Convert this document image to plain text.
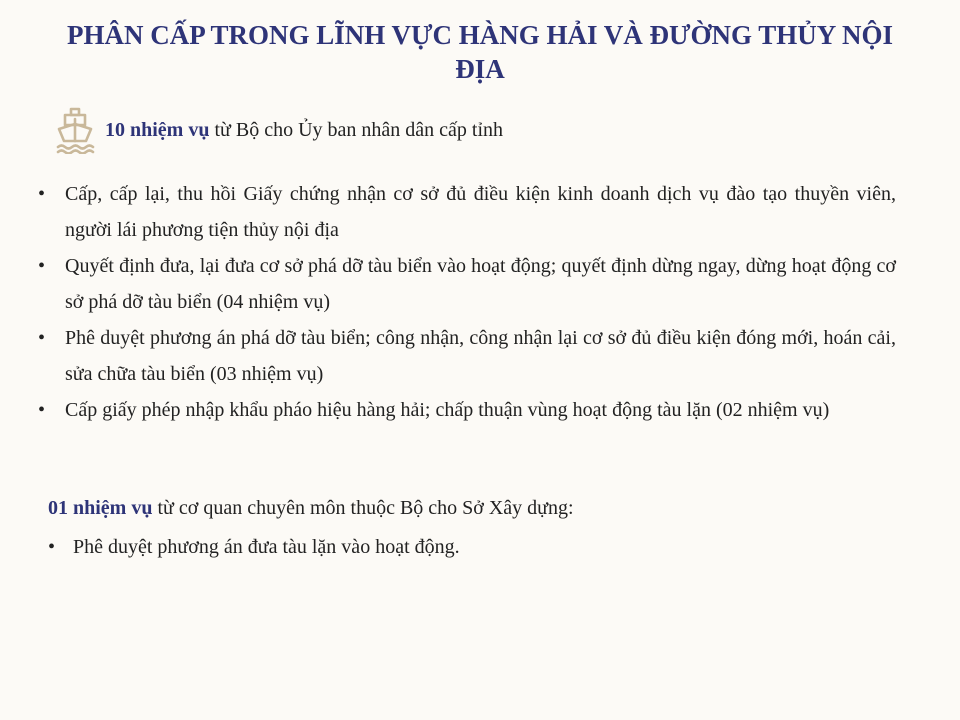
PHÂN CẤP TRONG LĨNH VỰC HÀNG HẢI VÀ ĐƯỜNG THỦY NỘI ĐỊA
10 nhiệm vụ từ Bộ cho Ủy ban nhân dân cấp tỉnh
• Cấp, cấp lại, thu hồi Giấy chứng nhận cơ sở đủ điều kiện kinh doanh dịch vụ đào tạo thuyền viên, người lái phương tiện thủy nội địa
• Quyết định đưa, lại đưa cơ sở phá dỡ tàu biển vào hoạt động; quyết định dừng ngay, dừng hoạt động cơ sở phá dỡ tàu biển (04 nhiệm vụ)
• Phê duyệt phương án phá dỡ tàu biển; công nhận, công nhận lại cơ sở đủ điều kiện đóng mới, hoán cải, sửa chữa tàu biển (03 nhiệm vụ)
• Cấp giấy phép nhập khẩu pháo hiệu hàng hải; chấp thuận vùng hoạt động tàu lặn (02 nhiệm vụ)
01 nhiệm vụ từ cơ quan chuyên môn thuộc Bộ cho Sở Xây dựng:
• Phê duyệt phương án đưa tàu lặn vào hoạt động.
